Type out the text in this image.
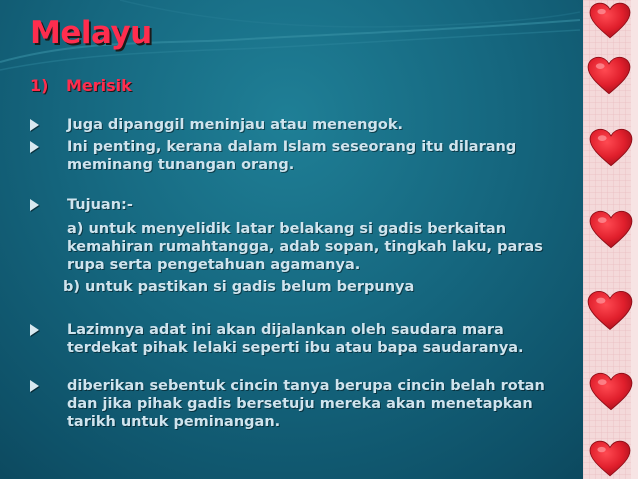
Melayu
1) Merisik
Juga dipanggil meninjau atau menengok.
Ini penting, kerana dalam Islam seseorang itu dilarang
meminang tunangan orang.
Tujuan:-
a) untuk menyelidik latar belakang si gadis berkaitan
kemahiran rumahtangga, adab sopan, tingkah laku, paras
rupa serta pengetahuan agamanya.
b) untuk pastikan si gadis belum berpunya
Lazimnya adat ini akan dijalankan oleh saudara mara
terdekat pihak lelaki seperti ibu atau bapa saudaranya.
diberikan sebentuk cincin tanya berupa cincin belah rotan
dan jika pihak gadis bersetuju mereka akan menetapkan
tarikh untuk peminangan.
